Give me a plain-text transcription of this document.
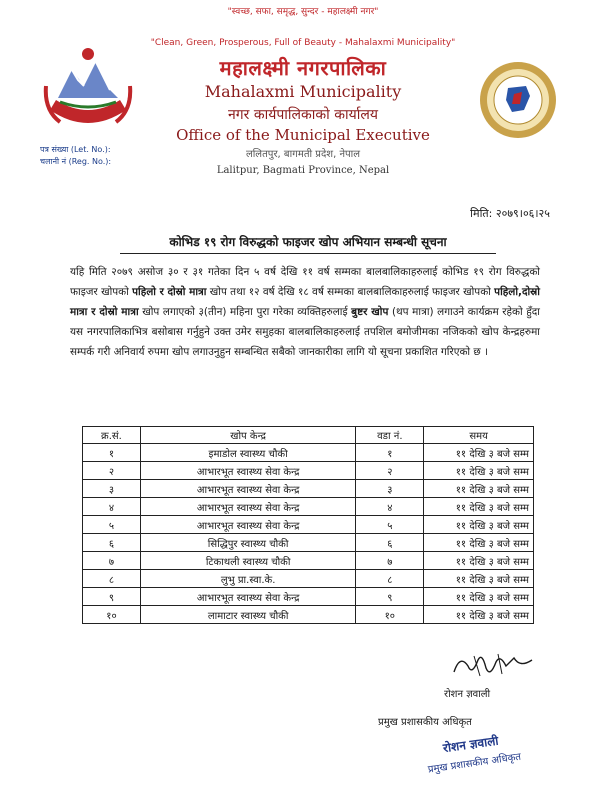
"स्वच्छ, सफा, समृद्ध, सुन्दर - महालक्ष्मी नगर"
"Clean, Green, Prosperous, Full of Beauty - Mahalaxmi Municipality"
महालक्ष्मी नगरपालिका
Mahalaxmi Municipality
नगर कार्यपालिकाको कार्यालय
Office of the Municipal Executive
ललितपुर, बागमती प्रदेश, नेपाल
Lalitpur, Bagmati Province, Nepal
पत्र संख्या (Let. No.):
चलानी नं (Reg. No.):
मिति: २०७९।०६।२५
कोभिड १९ रोग विरुद्धको फाइजर खोप अभियान सम्बन्धी सूचना
यहि मिति २०७९ असोज ३० र ३१ गतेका दिन ५ वर्ष देखि ११ वर्ष सम्मका बालबालिकाहरुलाई कोभिड १९ रोग विरुद्धको फाइजर खोपको पहिलो र दोस्रो मात्रा खोप तथा १२ वर्ष देखि १८ वर्ष सम्मका बालबालिकाहरुलाई फाइजर खोपको पहिलो,दोस्रो मात्रा र दोस्रो मात्रा खोप लगाएको ३(तीन) महिना पुरा गरेका व्यक्तिहरुलाई बुष्टर खोप (थप मात्रा) लगाउने कार्यक्रम रहेको हुँदा यस नगरपालिकाभित्र बसोबास गर्नुहुने उक्त उमेर समुहका बालबालिकाहरुलाई तपशिल बमोजीमका नजिकको खोप केन्द्रहरुमा सम्पर्क गरी अनिवार्य रुपमा खोप लगाउनुहुन सम्बन्धित सबैको जानकारीका लागि यो सूचना प्रकाशित गरिएको छ ।
क्र.सं.	खोप केन्द्र	वडा नं.	समय
१	इमाडोल स्वास्थ्य चौकी	१	११ देखि ३ बजे सम्म
२	आभारभूत स्वास्थ्य सेवा केन्द्र	२	११ देखि ३ बजे सम्म
३	आभारभूत स्वास्थ्य सेवा केन्द्र	३	११ देखि ३ बजे सम्म
४	आभारभूत स्वास्थ्य सेवा केन्द्र	४	११ देखि ३ बजे सम्म
५	आभारभूत स्वास्थ्य सेवा केन्द्र	५	११ देखि ३ बजे सम्म
६	सिद्धिपुर स्वास्थ्य चौकी	६	११ देखि ३ बजे सम्म
७	टिकाथली स्वास्थ्य चौकी	७	११ देखि ३ बजे सम्म
८	लुभु प्रा.स्वा.के.	८	११ देखि ३ बजे सम्म
९	आभारभूत स्वास्थ्य सेवा केन्द्र	९	११ देखि ३ बजे सम्म
१०	लामाटार स्वास्थ्य चौकी	१०	११ देखि ३ बजे सम्म
रोशन ज्ञवाली
प्रमुख प्रशासकीय अधिकृत
रोशन ज्ञवाली
प्रमुख प्रशासकीय अधिकृत
